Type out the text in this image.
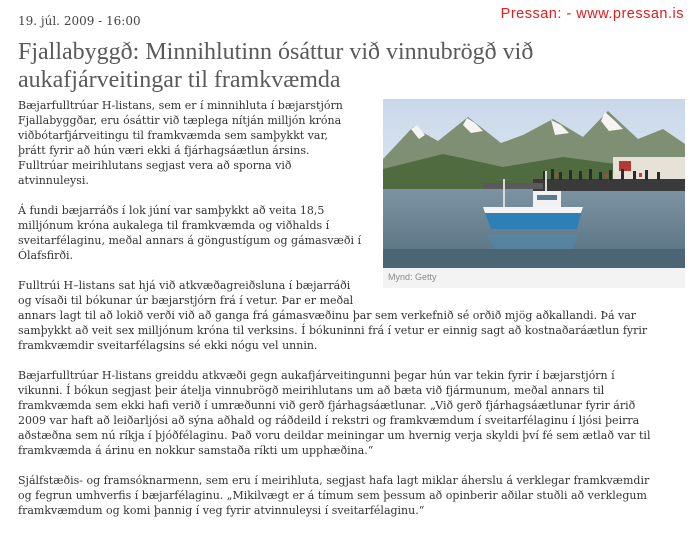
19. júl. 2009 - 16:00	Pressan: - www.pressan.is
Fjallabyggð: Minnihlutinn ósáttur við vinnubrögð við
aukafjárveitingar til framkvæmda
Mynd: Getty

Bæjarfulltrúar H-listans, sem er í minnihluta í bæjarstjórn
Fjallabyggðar, eru ósáttir við tæplega nítján milljón króna
viðbótarfjárveitingu til framkvæmda sem samþykkt var,
þrátt fyrir að hún væri ekki á fjárhagsáætlun ársins.
Fulltrúar meirihlutans segjast vera að sporna við
atvinnuleysi.

Á fundi bæjarráðs í lok júní var samþykkt að veita 18,5
milljónum króna aukalega til framkvæmda og viðhalds í
sveitarfélaginu, meðal annars á göngustígum og gámasvæði í
Ólafsfirði.

Fulltrúi H–listans sat hjá við atkvæðagreiðsluna í bæjarráði
og vísaði til bókunar úr bæjarstjórn frá í vetur. Þar er meðal
annars lagt til að lokið verði við að ganga frá gámasvæðinu þar sem verkefnið sé orðið mjög aðkallandi. Þá var
samþykkt að veit sex milljónum króna til verksins. Í bókuninni frá í vetur er einnig sagt að kostnaðaráætlun fyrir
framkvæmdir sveitarfélagsins sé ekki nógu vel unnin.

Bæjarfulltrúar H-listans greiddu atkvæði gegn aukafjárveitingunni þegar hún var tekin fyrir í bæjarstjórn í
vikunni. Í bókun segjast þeir átelja vinnubrögð meirihlutans um að bæta við fjármunum, meðal annars til
framkvæmda sem ekki hafi verið í umræðunni við gerð fjárhagsáætlunar. „Við gerð fjárhagsáætlunar fyrir árið
2009 var haft að leiðarljósi að sýna aðhald og ráðdeild í rekstri og framkvæmdum í sveitarfélaginu í ljósi þeirra
aðstæðna sem nú ríkja í þjóðfélaginu. Það voru deildar meiningar um hvernig verja skyldi því fé sem ætlað var til
framkvæmda á árinu en nokkur samstaða ríkti um upphæðina.“

Sjálfstæðis- og framsóknarmenn, sem eru í meirihluta, segjast hafa lagt miklar áherslu á verklegar framkvæmdir
og fegrun umhverfis í bæjarfélaginu. „Mikilvægt er á tímum sem þessum að opinberir aðilar stuðli að verklegum
framkvæmdum og komi þannig í veg fyrir atvinnuleysi í sveitarfélaginu.“
